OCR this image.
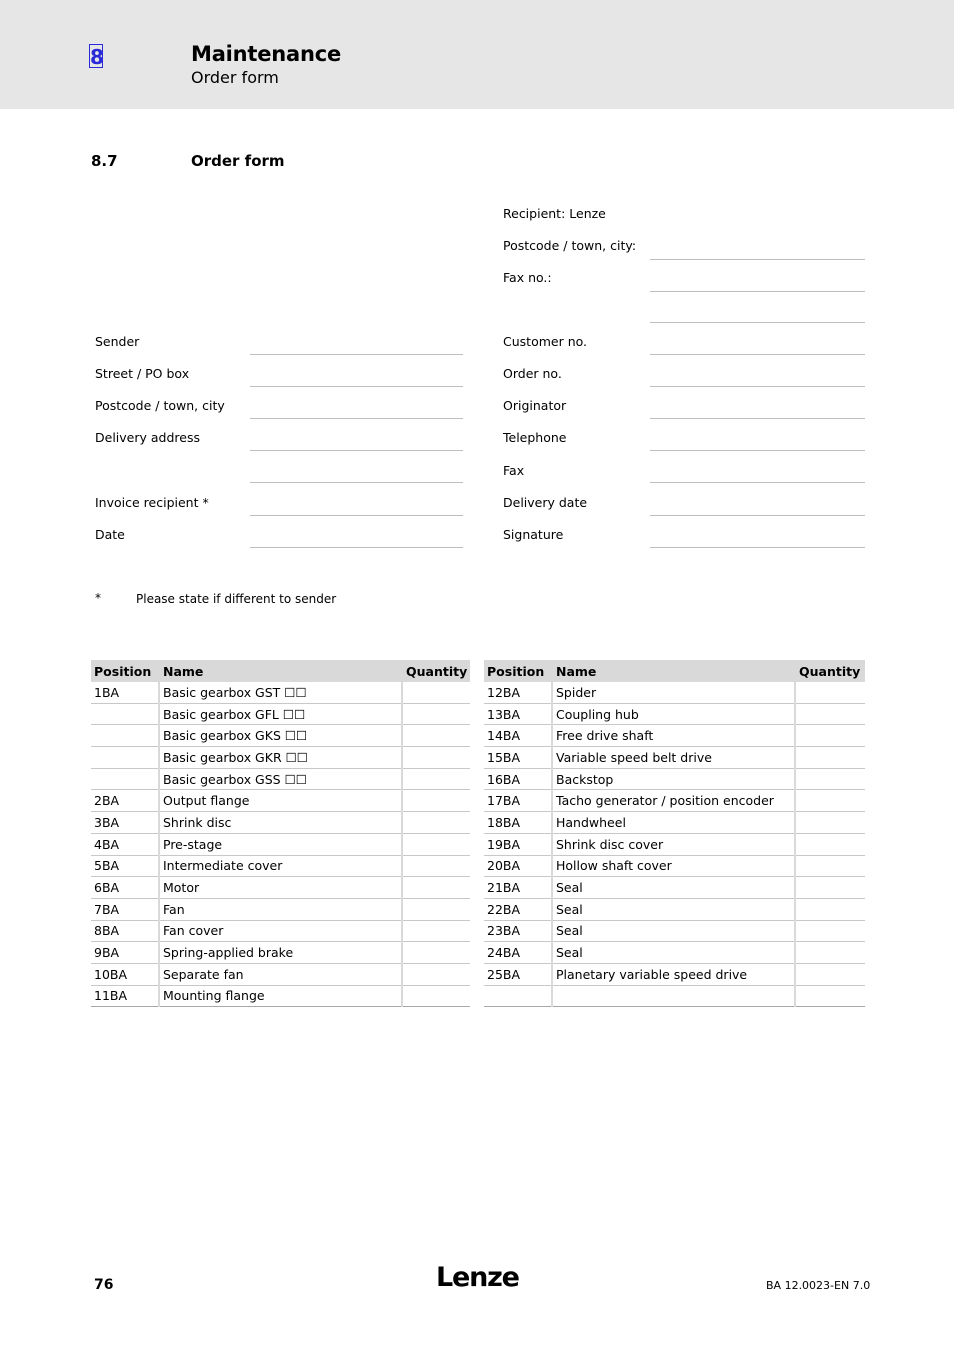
8	Maintenance
Order form
8.7	Order form
Recipient: Lenze
Postcode / town, city:
Fax no.:
Sender
Street / PO box
Postcode / town, city
Delivery address
Invoice recipient *
Date
Customer no.
Order no.
Originator
Telephone
Fax
Delivery date
Signature
*	Please state if different to sender
Position	Name	Quantity
1BA	Basic gearbox GST ☐☐	
	Basic gearbox GFL ☐☐	
	Basic gearbox GKS ☐☐	
	Basic gearbox GKR ☐☐	
	Basic gearbox GSS ☐☐	
2BA	Output flange	
3BA	Shrink disc	
4BA	Pre-stage	
5BA	Intermediate cover	
6BA	Motor	
7BA	Fan	
8BA	Fan cover	
9BA	Spring-applied brake	
10BA	Separate fan	
11BA	Mounting flange	
Position	Name	Quantity
12BA	Spider	
13BA	Coupling hub	
14BA	Free drive shaft	
15BA	Variable speed belt drive	
16BA	Backstop	
17BA	Tacho generator / position encoder	
18BA	Handwheel	
19BA	Shrink disc cover	
20BA	Hollow shaft cover	
21BA	Seal	
22BA	Seal	
23BA	Seal	
24BA	Seal	
25BA	Planetary variable speed drive	

76	Lenze	BA 12.0023-EN 7.0
